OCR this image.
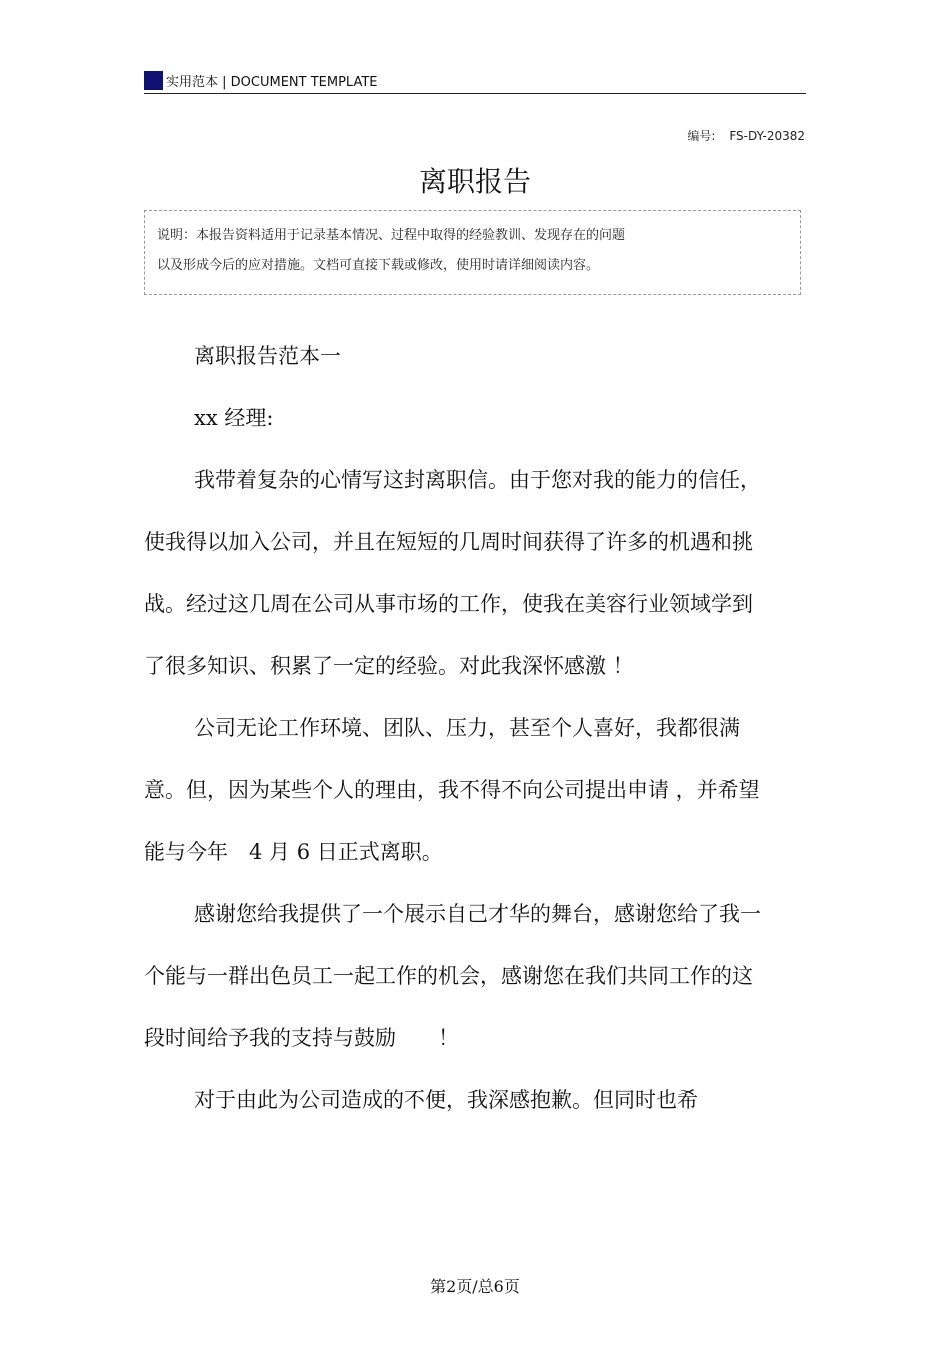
实用范本 | DOCUMENT TEMPLATE
编号: FS-DY-20382
离职报告
说明：本报告资料适用于记录基本情况、过程中取得的经验教训、发现存在的问题
以及形成今后的应对措施。文档可直接下载或修改，使用时请详细阅读内容。

离职报告范本一

xx 经理:

我带着复杂的心情写这封离职信。由于您对我的能力的信任，使我得以加入公司，并且在短短的几周时间获得了许多的机遇和挑战。经过这几周在公司从事市场的工作，使我在美容行业领域学到了很多知识、积累了一定的经验。对此我深怀感激 ！

公司无论工作环境、团队、压力，甚至个人喜好，我都很满意。但，因为某些个人的理由，我不得不向公司提出申请 ，并希望能与今年　4 月 6 日正式离职。

感谢您给我提供了一个展示自己才华的舞台，感谢您给了我一个能与一群出色员工一起工作的机会，感谢您在我们共同工作的这段时间给予我的支持与鼓励　　！

对于由此为公司造成的不便，我深感抱歉。但同时也希

第2页/总6页
